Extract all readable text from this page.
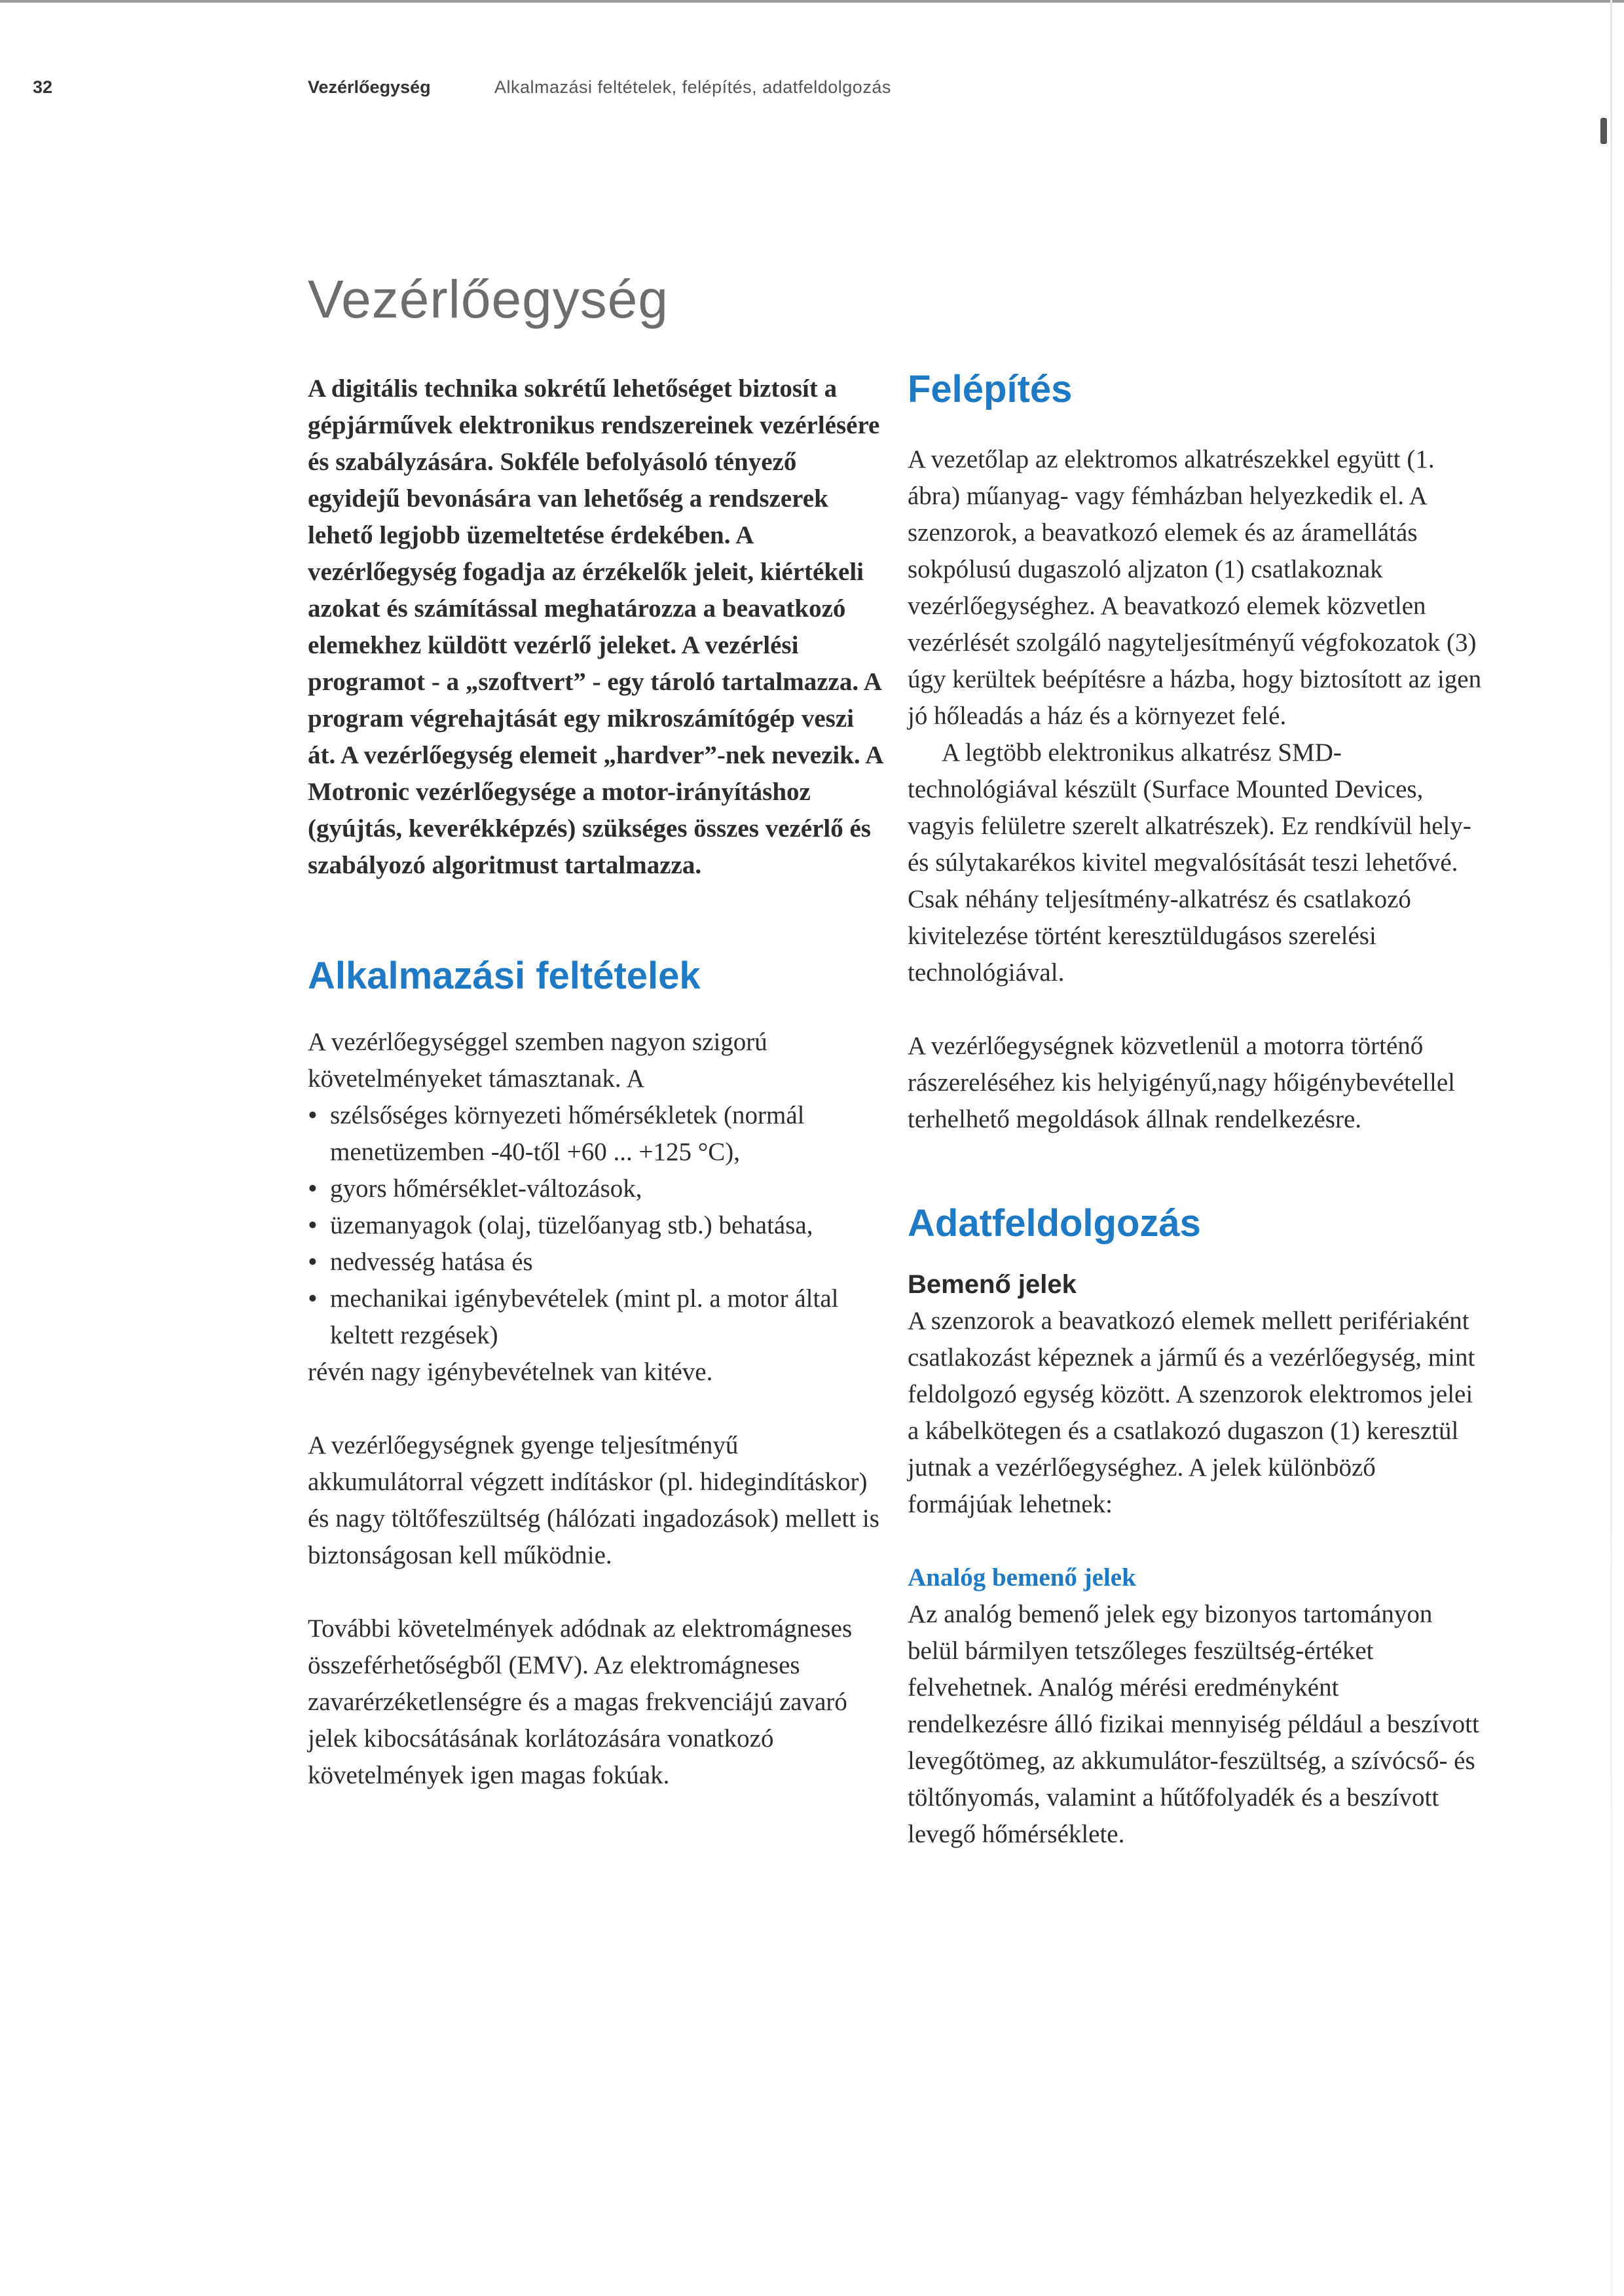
32	Vezérlőegység	Alkalmazási feltételek, felépítés, adatfeldolgozás
Vezérlőegység

A digitális technika sokrétű lehetőséget biztosít a gépjárművek elektronikus rendszereinek vezérlésére és szabályzására. Sokféle befolyásoló tényező egyidejű bevonására van lehetőség a rendszerek lehető legjobb üzemeltetése érdekében. A vezérlőegység fogadja az érzékelők jeleit, kiértékeli azokat és számítással meghatározza a beavatkozó elemekhez küldött vezérlő jeleket. A vezérlési programot - a „szoftvert” - egy tároló tartalmazza. A program végrehajtását egy mikroszámítógép veszi át. A vezérlőegység elemeit „hardver”-nek nevezik. A Motronic vezérlőegysége a motor-irányításhoz (gyújtás, keverékképzés) szükséges összes vezérlő és szabályozó algoritmust tartalmazza.

Alkalmazási feltételek

A vezérlőegységgel szemben nagyon szigorú követelményeket támasztanak. A

• szélsőséges környezeti hőmérsékletek (normál menetüzemben -40-től +60 ... +125 °C),
• gyors hőmérséklet-változások,
• üzemanyagok (olaj, tüzelőanyag stb.) behatása,
• nedvesség hatása és
• mechanikai igénybevételek (mint pl. a motor által keltett rezgések)

révén nagy igénybevételnek van kitéve.

A vezérlőegységnek gyenge teljesítményű akkumulátorral végzett indításkor (pl. hidegindításkor) és nagy töltőfeszültség (hálózati ingadozások) mellett is biztonságosan kell működnie.

További követelmények adódnak az elektromágneses összeférhetőségből (EMV). Az elektromágneses zavarérzéketlenségre és a magas frekvenciájú zavaró jelek kibocsátásának korlátozására vonatkozó követelmények igen magas fokúak.

Felépítés

A vezetőlap az elektromos alkatrészekkel együtt (1. ábra) műanyag- vagy fémházban helyezkedik el. A szenzorok, a beavatkozó elemek és az áramellátás sokpólusú dugaszoló aljzaton (1) csatlakoznak vezérlőegységhez. A beavatkozó elemek közvetlen vezérlését szolgáló nagyteljesítményű végfokozatok (3) úgy kerültek beépítésre a házba, hogy biztosított az igen jó hőleadás a ház és a környezet felé.

A legtöbb elektronikus alkatrész SMD-technológiával készült (Surface Mounted Devices, vagyis felületre szerelt alkatrészek). Ez rendkívül hely- és súlytakarékos kivitel megvalósítását teszi lehetővé. Csak néhány teljesítmény-alkatrész és csatlakozó kivitelezése történt keresztüldugásos szerelési technológiával.

A vezérlőegységnek közvetlenül a motorra történő rászereléséhez kis helyigényű,nagy hőigénybevétellel terhelhető megoldások állnak rendelkezésre.

Adatfeldolgozás
Bemenő jelek

A szenzorok a beavatkozó elemek mellett perifériaként csatlakozást képeznek a jármű és a vezérlőegység, mint feldolgozó egység között. A szenzorok elektromos jelei a kábelkötegen és a csatlakozó dugaszon (1) keresztül jutnak a vezérlőegységhez. A jelek különböző formájúak lehetnek:

Analóg bemenő jelek

Az analóg bemenő jelek egy bizonyos tartományon belül bármilyen tetszőleges feszültség-értéket felvehetnek. Analóg mérési eredményként rendelkezésre álló fizikai mennyiség például a beszívott levegőtömeg, az akkumulátor-feszültség, a szívócső- és töltőnyomás, valamint a hűtőfolyadék és a beszívott levegő hőmérséklete.
